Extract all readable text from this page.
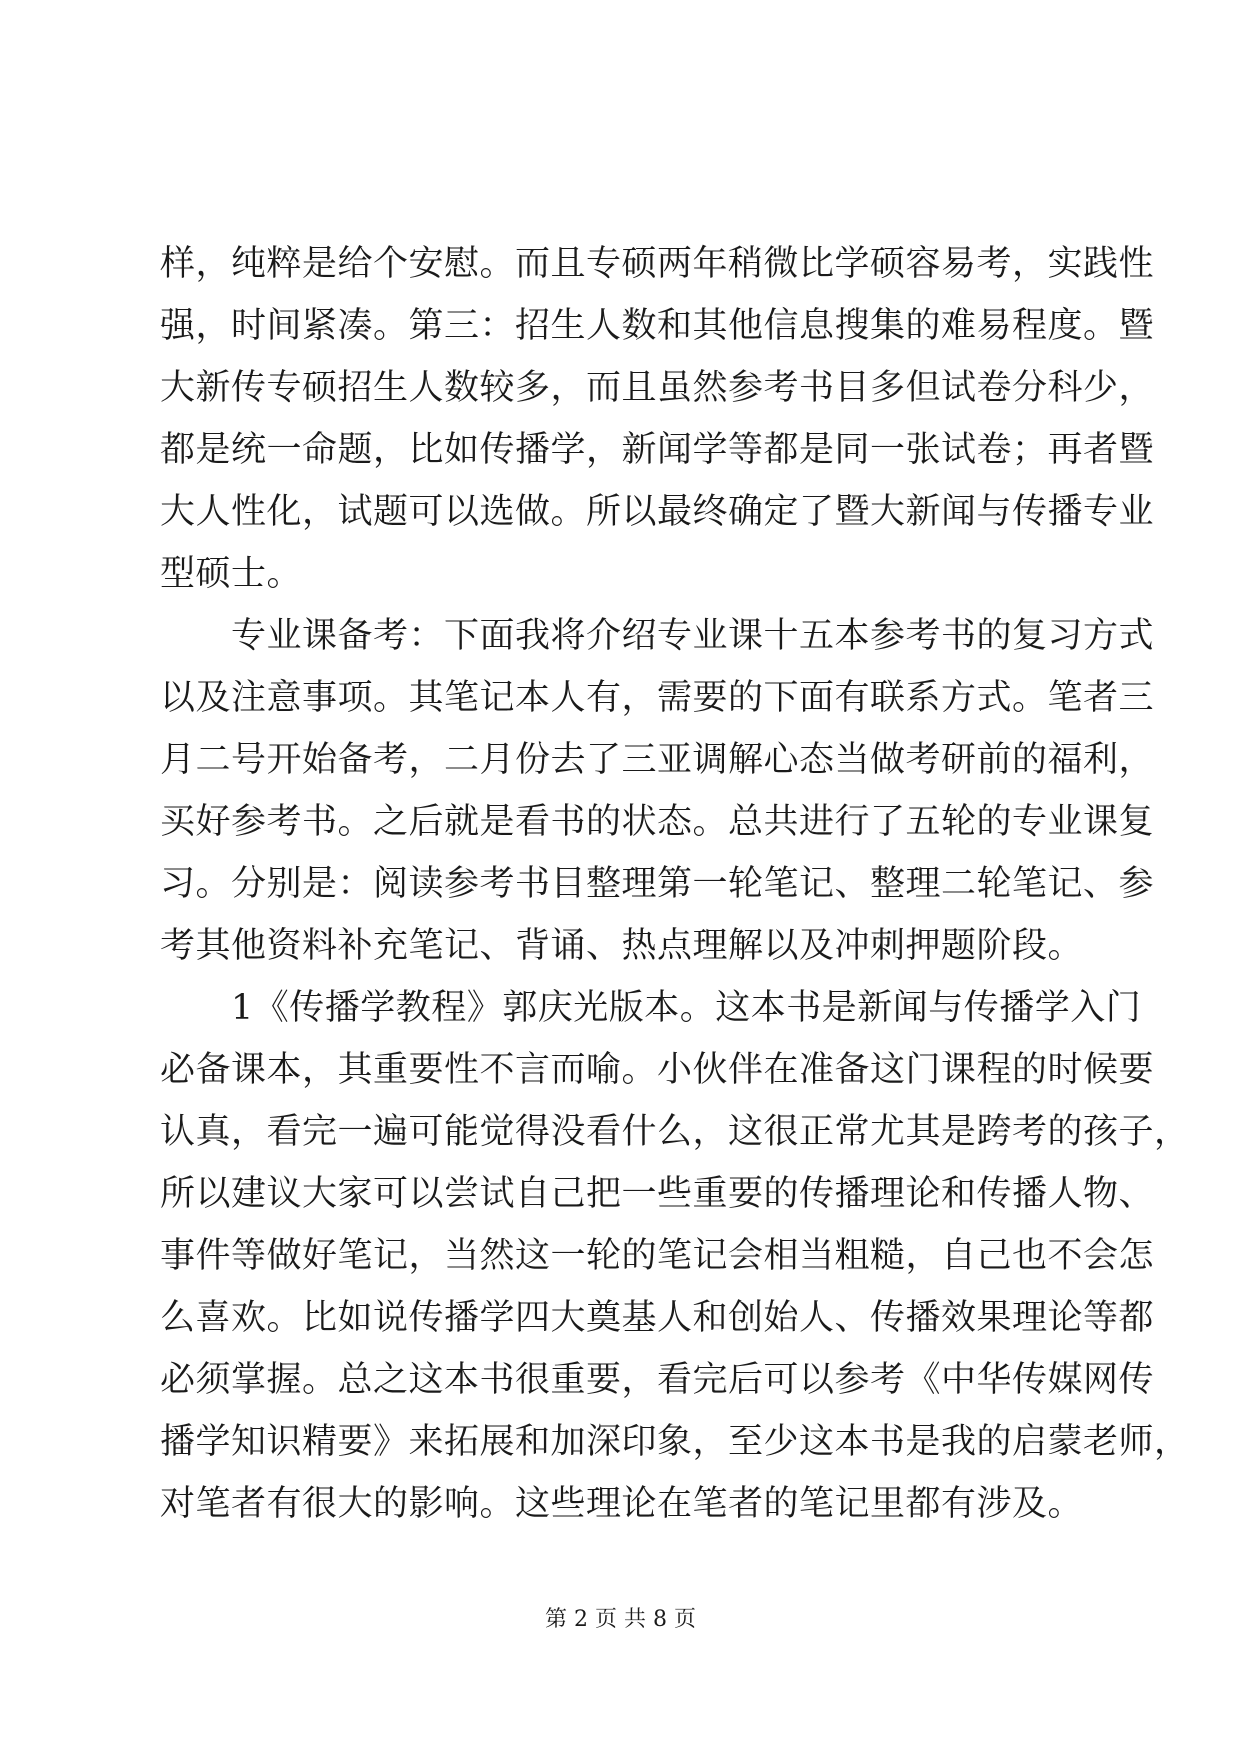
样，纯粹是给个安慰。而且专硕两年稍微比学硕容易考，实践性
强，时间紧凑。第三：招生人数和其他信息搜集的难易程度。暨
大新传专硕招生人数较多，而且虽然参考书目多但试卷分科少，
都是统一命题，比如传播学，新闻学等都是同一张试卷；再者暨
大人性化，试题可以选做。所以最终确定了暨大新闻与传播专业
型硕士。
　　专业课备考：下面我将介绍专业课十五本参考书的复习方式
以及注意事项。其笔记本人有，需要的下面有联系方式。笔者三
月二号开始备考，二月份去了三亚调解心态当做考研前的福利，
买好参考书。之后就是看书的状态。总共进行了五轮的专业课复
习。分别是：阅读参考书目整理第一轮笔记、整理二轮笔记、参
考其他资料补充笔记、背诵、热点理解以及冲刺押题阶段。
　　1《传播学教程》郭庆光版本。这本书是新闻与传播学入门
必备课本，其重要性不言而喻。小伙伴在准备这门课程的时候要
认真，看完一遍可能觉得没看什么，这很正常尤其是跨考的孩子，
所以建议大家可以尝试自己把一些重要的传播理论和传播人物、
事件等做好笔记，当然这一轮的笔记会相当粗糙，自己也不会怎
么喜欢。比如说传播学四大奠基人和创始人、传播效果理论等都
必须掌握。总之这本书很重要，看完后可以参考《中华传媒网传
播学知识精要》来拓展和加深印象，至少这本书是我的启蒙老师，
对笔者有很大的影响。这些理论在笔者的笔记里都有涉及。
第 2 页 共 8 页
